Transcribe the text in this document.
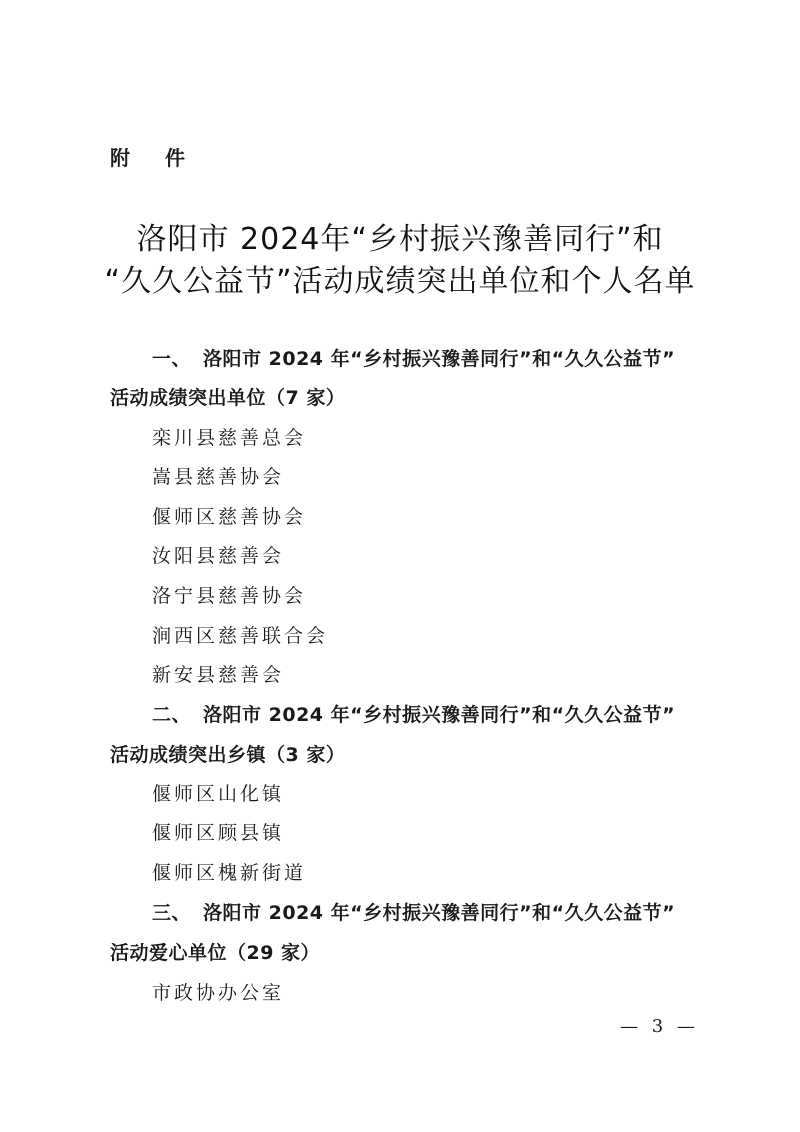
附 件
洛阳市 2024年“乡村振兴豫善同行”和
“久久公益节”活动成绩突出单位和个人名单
一、 洛阳市 2024 年“乡村振兴豫善同行”和“久久公益节”
活动成绩突出单位（7 家）
栾川县慈善总会
嵩县慈善协会
偃师区慈善协会
汝阳县慈善会
洛宁县慈善协会
涧西区慈善联合会
新安县慈善会
二、 洛阳市 2024 年“乡村振兴豫善同行”和“久久公益节”
活动成绩突出乡镇（3 家）
偃师区山化镇
偃师区顾县镇
偃师区槐新街道
三、 洛阳市 2024 年“乡村振兴豫善同行”和“久久公益节”
活动爱心单位（29 家）
市政协办公室
— 3 —
